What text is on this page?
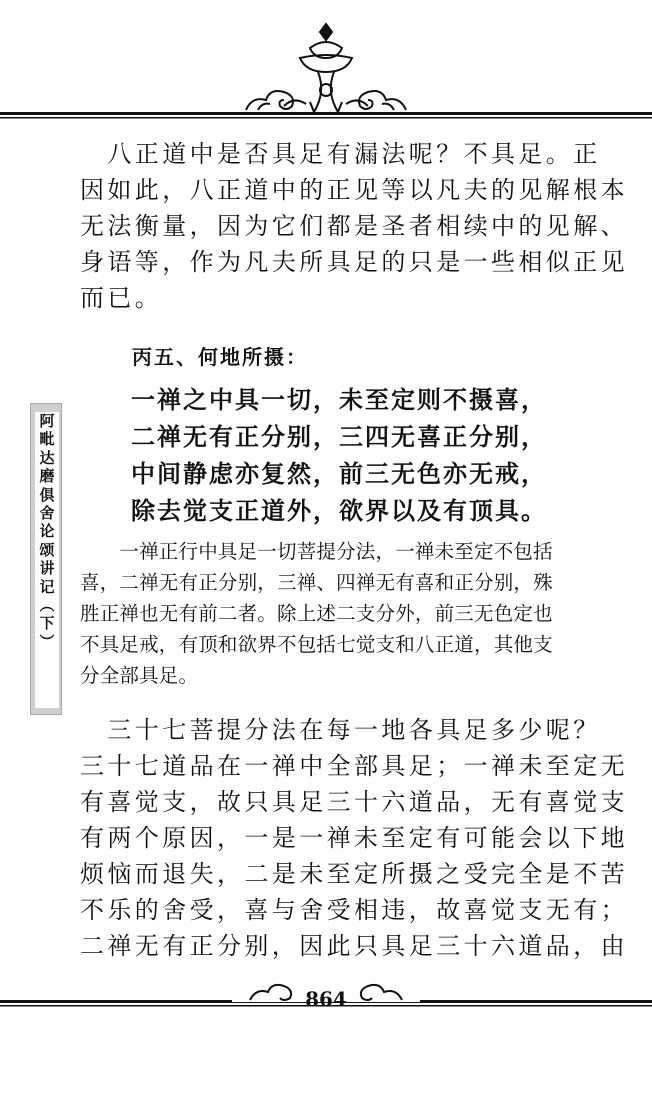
阿
毗
达
磨
俱
舍
论
颂
讲
记
︵
下
︶

　八正道中是否具足有漏法呢？不具足。正
因如此，八正道中的正见等以凡夫的见解根本
无法衡量，因为它们都是圣者相续中的见解、
身语等，作为凡夫所具足的只是一些相似正见
而已。

丙五、何地所摄：
一禅之中具一切，未至定则不摄喜，
二禅无有正分别，三四无喜正分别，
中间静虑亦复然，前三无色亦无戒，
除去觉支正道外，欲界以及有顶具。
　　一禅正行中具足一切菩提分法，一禅未至定不包括
喜，二禅无有正分别，三禅、四禅无有喜和正分别，殊
胜正禅也无有前二者。除上述二支分外，前三无色定也
不具足戒，有顶和欲界不包括七觉支和八正道，其他支
分全部具足。

　三十七菩提分法在每一地各具足多少呢？
三十七道品在一禅中全部具足；一禅未至定无
有喜觉支，故只具足三十六道品，无有喜觉支
有两个原因，一是一禅未至定有可能会以下地
烦恼而退失，二是未至定所摄之受完全是不苦
不乐的舍受，喜与舍受相违，故喜觉支无有；
二禅无有正分别，因此只具足三十六道品，由

864
